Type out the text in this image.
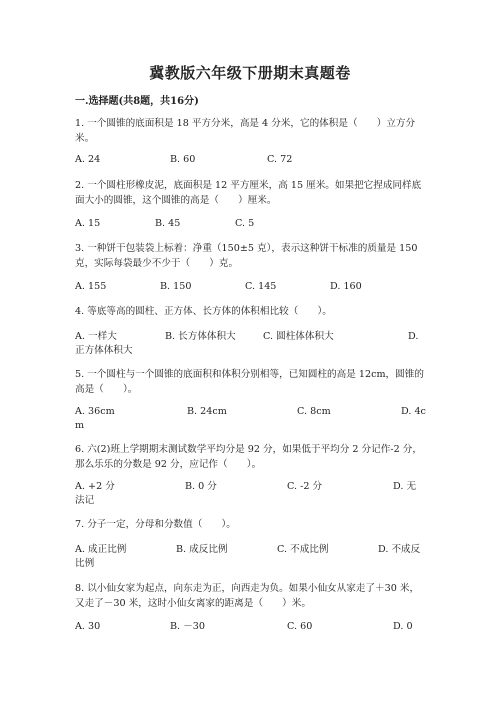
冀教版六年级下册期末真题卷
一.选择题(共8题，共16分)
1. 一个圆锥的底面积是 18 平方分米，高是 4 分米，它的体积是（　　）立方分米。
A. 24	B. 60	C. 72
2. 一个圆柱形橡皮泥，底面积是 12 平方厘米，高 15 厘米。如果把它捏成同样底面大小的圆锥，这个圆锥的高是（　　）厘米。
A. 15	B. 45	C. 5
3. 一种饼干包装袋上标着：净重（150±5 克），表示这种饼干标准的质量是 150 克，实际每袋最少不少于（　　）克。
A. 155	B. 150	C. 145	D. 160
4. 等底等高的圆柱、正方体、长方体的体积相比较（　　）。
A. 一样大	B. 长方体体积大	C. 圆柱体体积大	D.
正方体体积大
5. 一个圆柱与一个圆锥的底面积和体积分别相等，已知圆柱的高是 12cm，圆锥的高是（　　）。
A. 36cm	B. 24cm	C. 8cm	D. 4c
m
6. 六(2)班上学期期末测试数学平均分是 92 分，如果低于平均分 2 分记作-2 分，那么乐乐的分数是 92 分，应记作（　　）。
A. +2 分	B. 0 分	C. -2 分	D. 无
法记
7. 分子一定，分母和分数值（　　）。
A. 成正比例	B. 成反比例	C. 不成比例	D. 不成反
比例
8. 以小仙女家为起点，向东走为正，向西走为负。如果小仙女从家走了＋30 米，又走了－30 米，这时小仙女离家的距离是（　　）米。
A. 30	B. －30	C. 60	D. 0
